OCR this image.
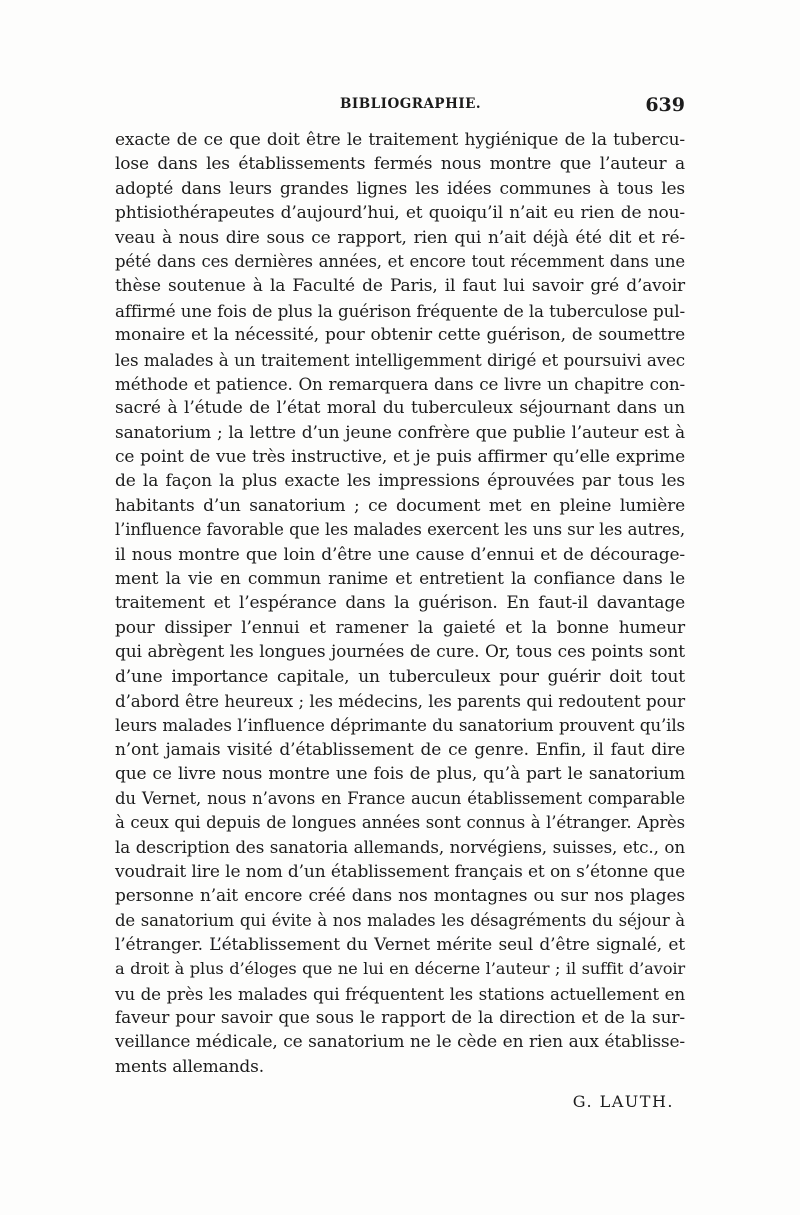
BIBLIOGRAPHIE.	639
exacte de ce que doit être le traitement hygiénique de la tubercu-
lose dans les établissements fermés nous montre que l’auteur a
adopté dans leurs grandes lignes les idées communes à tous les
phtisiothérapeutes d’aujourd’hui, et quoiqu’il n’ait eu rien de nou-
veau à nous dire sous ce rapport, rien qui n’ait déjà été dit et ré-
pété dans ces dernières années, et encore tout récemment dans une
thèse soutenue à la Faculté de Paris, il faut lui savoir gré d’avoir
affirmé une fois de plus la guérison fréquente de la tuberculose pul-
monaire et la nécessité, pour obtenir cette guérison, de soumettre
les malades à un traitement intelligemment dirigé et poursuivi avec
méthode et patience. On remarquera dans ce livre un chapitre con-
sacré à l’étude de l’état moral du tuberculeux séjournant dans un
sanatorium ; la lettre d’un jeune confrère que publie l’auteur est à
ce point de vue très instructive, et je puis affirmer qu’elle exprime
de la façon la plus exacte les impressions éprouvées par tous les
habitants d’un sanatorium ; ce document met en pleine lumière
l’influence favorable que les malades exercent les uns sur les autres,
il nous montre que loin d’être une cause d’ennui et de décourage-
ment la vie en commun ranime et entretient la confiance dans le
traitement et l’espérance dans la guérison. En faut-il davantage
pour dissiper l’ennui et ramener la gaieté et la bonne humeur
qui abrègent les longues journées de cure. Or, tous ces points sont
d’une importance capitale, un tuberculeux pour guérir doit tout
d’abord être heureux ; les médecins, les parents qui redoutent pour
leurs malades l’influence déprimante du sanatorium prouvent qu’ils
n’ont jamais visité d’établissement de ce genre. Enfin, il faut dire
que ce livre nous montre une fois de plus, qu’à part le sanatorium
du Vernet, nous n’avons en France aucun établissement comparable
à ceux qui depuis de longues années sont connus à l’étranger. Après
la description des sanatoria allemands, norvégiens, suisses, etc., on
voudrait lire le nom d’un établissement français et on s’étonne que
personne n’ait encore créé dans nos montagnes ou sur nos plages
de sanatorium qui évite à nos malades les désagréments du séjour à
l’étranger. L’établissement du Vernet mérite seul d’être signalé, et
a droit à plus d’éloges que ne lui en décerne l’auteur ; il suffit d’avoir
vu de près les malades qui fréquentent les stations actuellement en
faveur pour savoir que sous le rapport de la direction et de la sur-
veillance médicale, ce sanatorium ne le cède en rien aux établisse-
ments allemands.
G. LAUTH.
